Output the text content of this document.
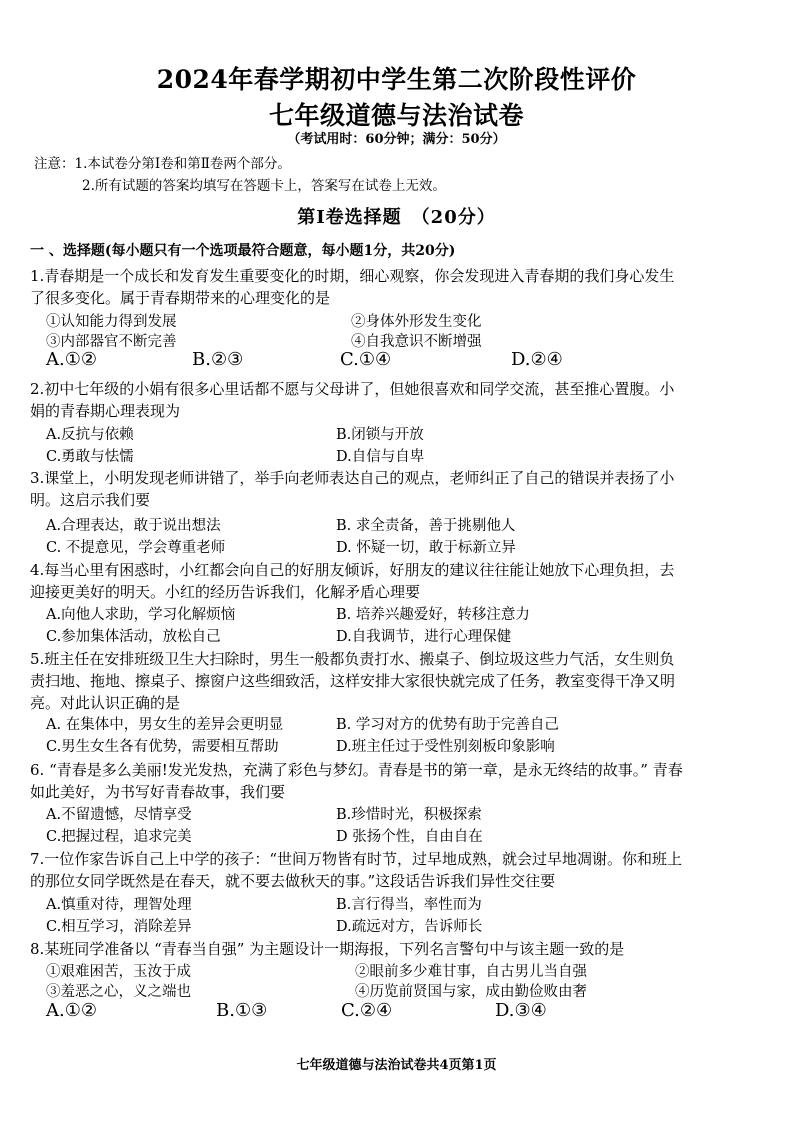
2024年春学期初中学生第二次阶段性评价
七年级道德与法治试卷
（考试用时：60分钟；满分：50分）
注意：1.本试卷分第Ⅰ卷和第Ⅱ卷两个部分。
2.所有试题的答案均填写在答题卡上，答案写在试卷上无效。
第Ⅰ卷选择题　（20分）
一 、选择题(每小题只有一个选项最符合题意，每小题1分，共20分)
1.青春期是一个成长和发育发生重要变化的时期，细心观察，你会发现进入青春期的我们身心发生
了很多变化。属于青春期带来的心理变化的是
①认知能力得到发展	②身体外形发生变化
③内部器官不断完善	④自我意识不断增强
A.①②	B.②③	C.①④	D.②④
2.初中七年级的小娟有很多心里话都不愿与父母讲了，但她很喜欢和同学交流，甚至推心置腹。小
娟的青春期心理表现为
A.反抗与依赖	B.闭锁与开放
C.勇敢与怯懦	D.自信与自卑
3.课堂上，小明发现老师讲错了，举手向老师表达自己的观点，老师纠正了自己的错误并表扬了小
明。这启示我们要
A.合理表达，敢于说出想法	B. 求全责备，善于挑剔他人
C. 不提意见，学会尊重老师	D. 怀疑一切，敢于标新立异
4.每当心里有困惑时，小红都会向自己的好朋友倾诉，好朋友的建议往往能让她放下心理负担，去
迎接更美好的明天。小红的经历告诉我们，化解矛盾心理要
A.向他人求助，学习化解烦恼	B. 培养兴趣爱好，转移注意力
C.参加集体活动，放松自己	D.自我调节，进行心理保健
5.班主任在安排班级卫生大扫除时，男生一般都负责打水、搬桌子、倒垃圾这些力气活，女生则负
责扫地、拖地、擦桌子、擦窗户这些细致活，这样安排大家很快就完成了任务，教室变得干净又明
亮。对此认识正确的是
A. 在集体中，男女生的差异会更明显	B. 学习对方的优势有助于完善自己
C.男生女生各有优势，需要相互帮助	D.班主任过于受性别刻板印象影响
6. “青春是多么美丽!发光发热，充满了彩色与梦幻。青春是书的第一章，是永无终结的故事。” 青春
如此美好，为书写好青春故事，我们要
A.不留遗憾，尽情享受	B.珍惜时光，积极探索
C.把握过程，追求完美	D 张扬个性，自由自在
7.一位作家告诉自己上中学的孩子：“世间万物皆有时节，过早地成熟，就会过早地凋谢。你和班上
的那位女同学既然是在春天，就不要去做秋天的事。”这段话告诉我们异性交往要
A.慎重对待，理智处理	B.言行得当，率性而为
C.相互学习，消除差异	D.疏远对方，告诉师长
8.某班同学准备以 “青春当自强” 为主题设计一期海报，下列名言警句中与该主题一致的是
①艰难困苦，玉汝于成	②眼前多少难甘事，自古男儿当自强
③羞恶之心，义之端也	④历览前贤国与家，成由勤俭败由奢
A.①②	B.①③	C.②④	D.③④
七年级道德与法治试卷共4页第1页
